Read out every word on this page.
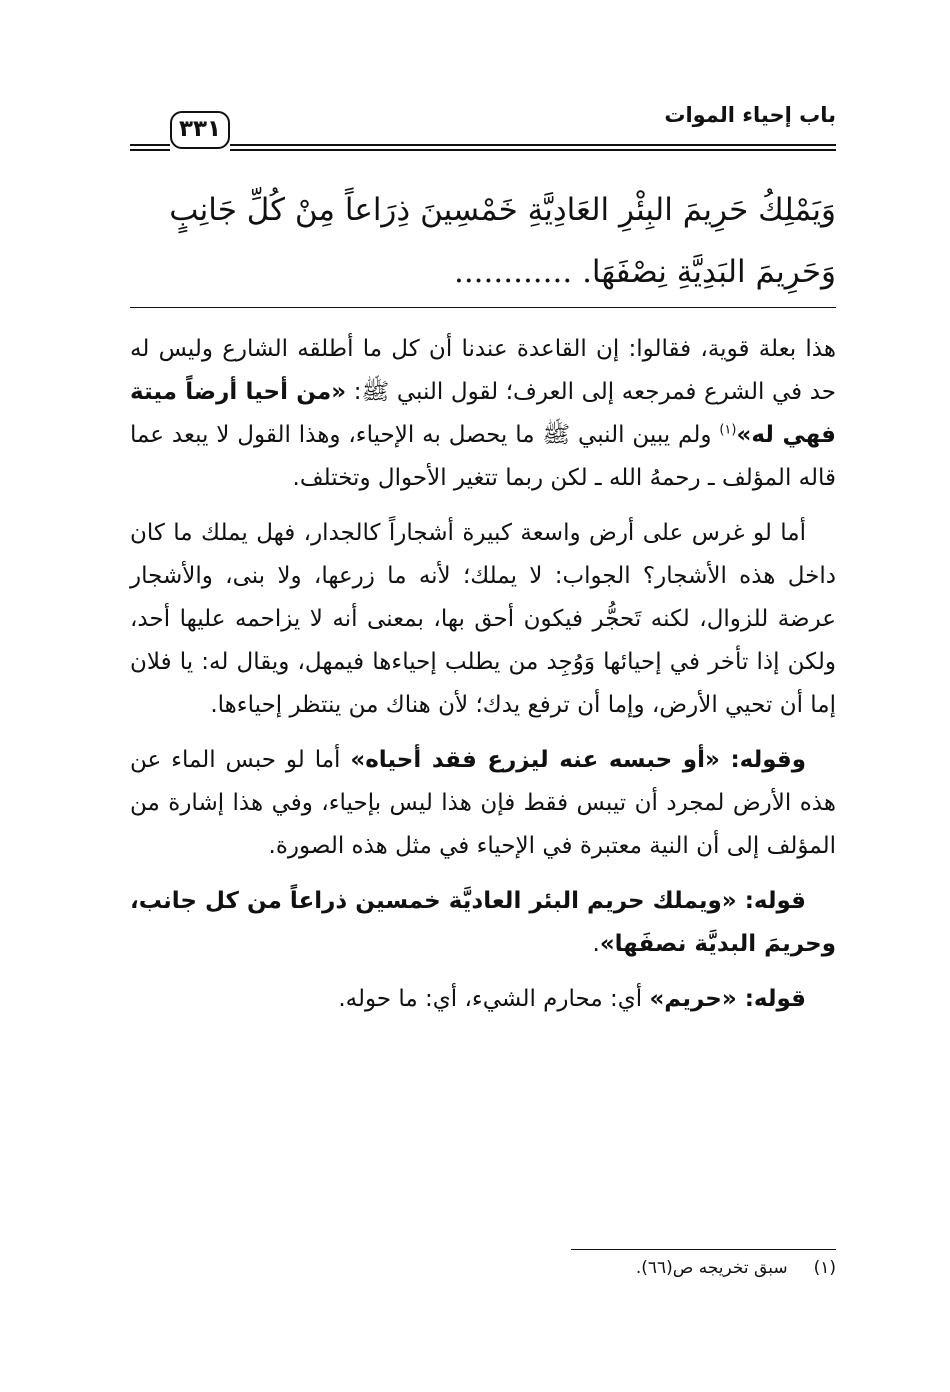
باب إحياء الموات
٣٣١
وَيَمْلِكُ حَرِيمَ البِئْرِ العَادِيَّةِ خَمْسِينَ ذِرَاعاً مِنْ كُلِّ جَانِبٍ
وَحَرِيمَ البَدِيَّةِ نِصْفَهَا. ............

هذا بعلة قوية، فقالوا: إن القاعدة عندنا أن كل ما أطلقه الشارع وليس له حد في الشرع فمرجعه إلى العرف؛ لقول النبي ﷺ: «من أحيا أرضاً ميتة فهي له»$^{(١)}$ ولم يبين النبي ﷺ ما يحصل به الإحياء، وهذا القول لا يبعد عما قاله المؤلف ـ رحمهُ الله ـ لكن ربما تتغير الأحوال وتختلف.

أما لو غرس على أرض واسعة كبيرة أشجاراً كالجدار، فهل يملك ما كان داخل هذه الأشجار؟ الجواب: لا يملك؛ لأنه ما زرعها، ولا بنى، والأشجار عرضة للزوال، لكنه تَحجُّر فيكون أحق بها، بمعنى أنه لا يزاحمه عليها أحد، ولكن إذا تأخر في إحيائها وَوُجِد من يطلب إحياءها فيمهل، ويقال له: يا فلان إما أن تحيي الأرض، وإما أن ترفع يدك؛ لأن هناك من ينتظر إحياءها.

وقوله: «أو حبسه عنه ليزرع فقد أحياه» أما لو حبس الماء عن هذه الأرض لمجرد أن تيبس فقط فإن هذا ليس بإحياء، وفي هذا إشارة من المؤلف إلى أن النية معتبرة في الإحياء في مثل هذه الصورة.

قوله: «ويملك حريم البئر العاديَّة خمسين ذراعاً من كل جانب، وحريمَ البديَّة نصفَها».

قوله: «حريم» أي: محارم الشيء، أي: ما حوله.

(١)سبق تخريجه ص(٦٦).
